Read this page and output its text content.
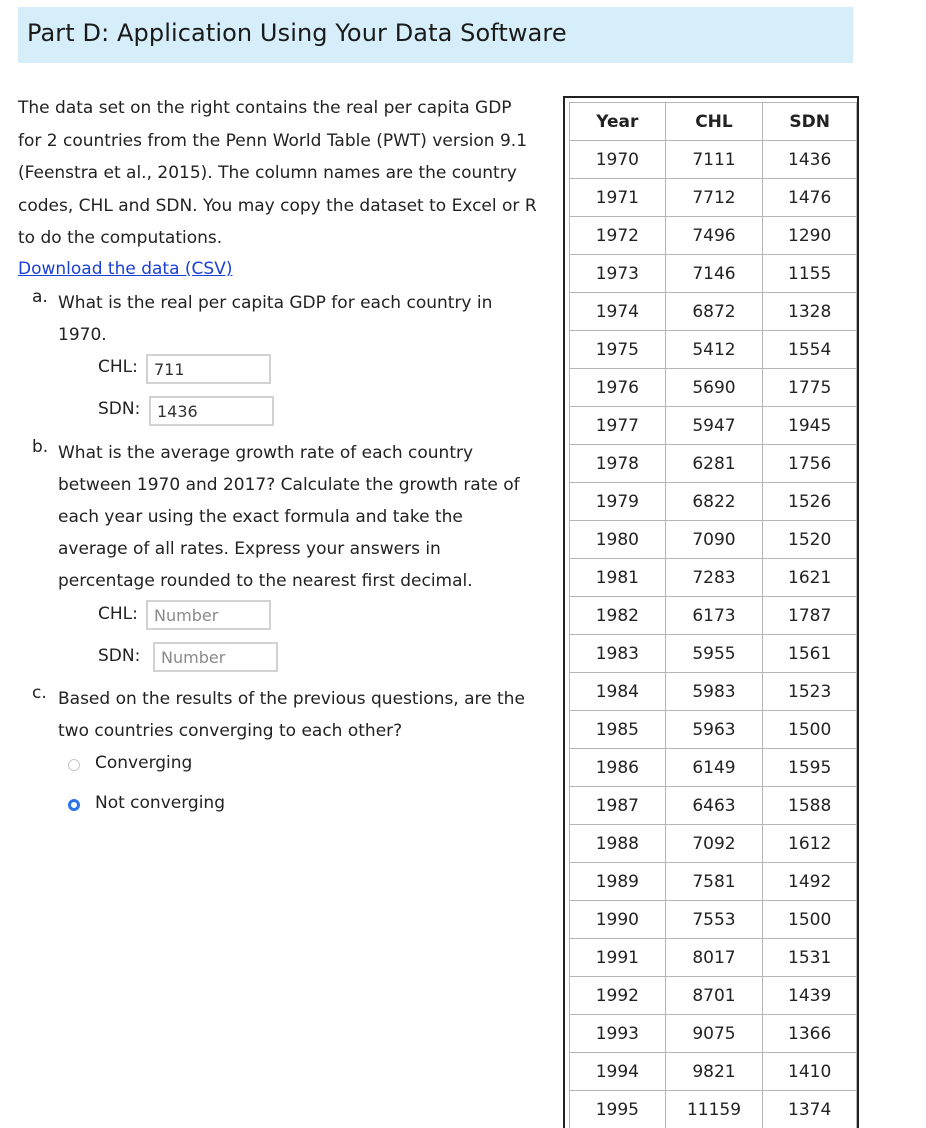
Part D: Application Using Your Data Software
The data set on the right contains the real per capita GDP for 2 countries from the Penn World Table (PWT) version 9.1 (Feenstra et al., 2015). The column names are the country codes, CHL and SDN. You may copy the dataset to Excel or R to do the computations.
Download the data (CSV)
a. What is the real per capita GDP for each country in 1970.
CHL:
711
SDN:
1436
b. What is the average growth rate of each country between 1970 and 2017? Calculate the growth rate of each year using the exact formula and take the average of all rates. Express your answers in percentage rounded to the nearest first decimal.
CHL:
Number
SDN:
Number
c. Based on the results of the previous questions, are the two countries converging to each other?
Converging
Not converging
Year	CHL	SDN
1970	7111	1436
1971	7712	1476
1972	7496	1290
1973	7146	1155
1974	6872	1328
1975	5412	1554
1976	5690	1775
1977	5947	1945
1978	6281	1756
1979	6822	1526
1980	7090	1520
1981	7283	1621
1982	6173	1787
1983	5955	1561
1984	5983	1523
1985	5963	1500
1986	6149	1595
1987	6463	1588
1988	7092	1612
1989	7581	1492
1990	7553	1500
1991	8017	1531
1992	8701	1439
1993	9075	1366
1994	9821	1410
1995	11159	1374
